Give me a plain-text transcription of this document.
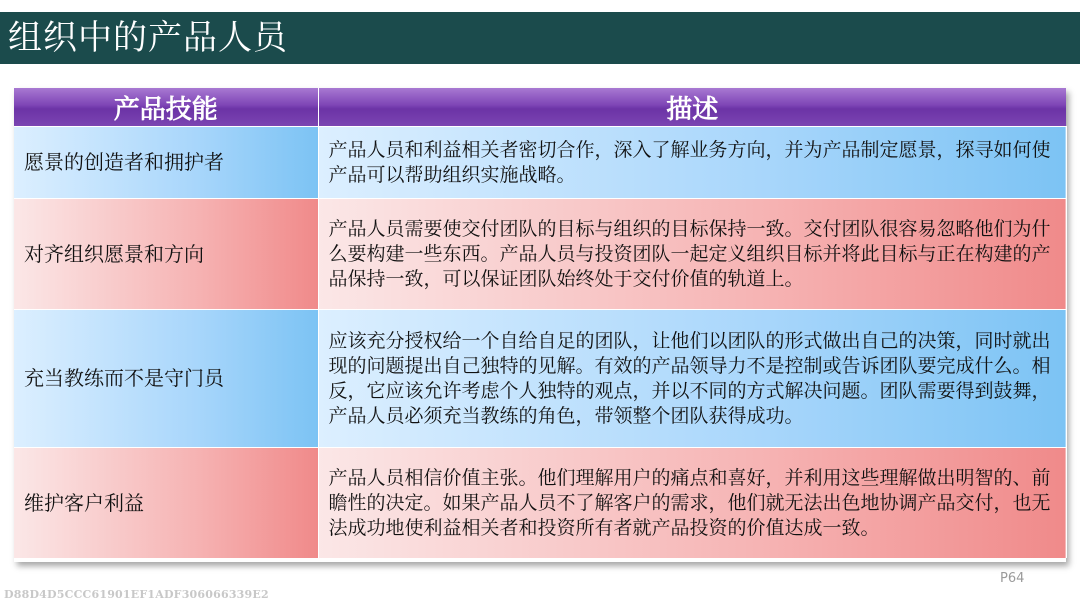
组织中的产品人员
产品技能	描述
愿景的创造者和拥护者	产品人员和利益相关者密切合作，深入了解业务方向，并为产品制定愿景，探寻如何使产品可以帮助组织实施战略。
对齐组织愿景和方向	产品人员需要使交付团队的目标与组织的目标保持一致。交付团队很容易忽略他们为什么要构建一些东西。产品人员与投资团队一起定义组织目标并将此目标与正在构建的产品保持一致，可以保证团队始终处于交付价值的轨道上。
充当教练而不是守门员	应该充分授权给一个自给自足的团队，让他们以团队的形式做出自己的决策，同时就出现的问题提出自己独特的见解。有效的产品领导力不是控制或告诉团队要完成什么。相反，它应该允许考虑个人独特的观点，并以不同的方式解决问题。团队需要得到鼓舞，产品人员必须充当教练的角色，带领整个团队获得成功。
维护客户利益	产品人员相信价值主张。他们理解用户的痛点和喜好，并利用这些理解做出明智的、前瞻性的决定。如果产品人员不了解客户的需求，他们就无法出色地协调产品交付，也无法成功地使利益相关者和投资所有者就产品投资的价值达成一致。
P64
D88D4D5CCC61901EF1ADF306066339E2
